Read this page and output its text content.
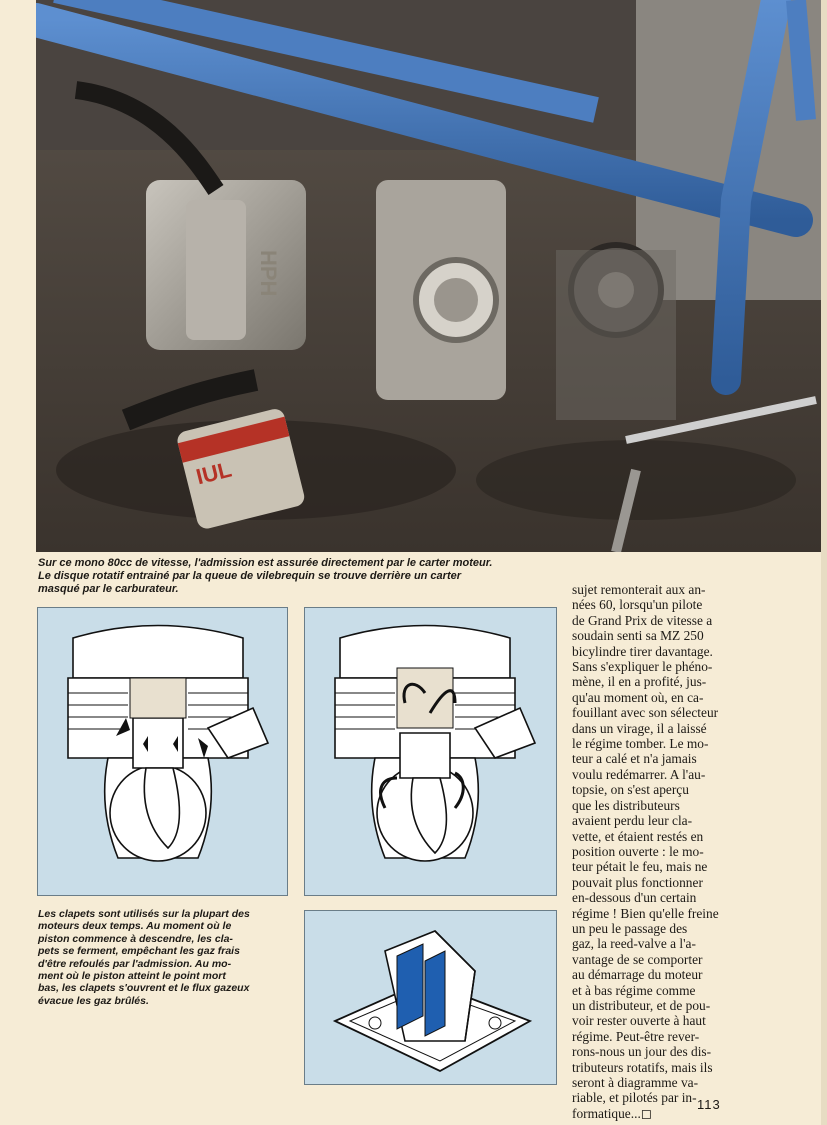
HPH
IUL
Sur ce mono 80cc de vitesse, l'admission est assurée directement par le carter moteur.
Le disque rotatif entrainé par la queue de vilebrequin se trouve derrière un carter
masqué par le carburateur.
Les clapets sont utilisés sur la plupart des
moteurs deux temps. Au moment où le
piston commence à descendre, les cla-
pets se ferment, empêchant les gaz frais
d'être refoulés par l'admission. Au mo-
ment où le piston atteint le point mort
bas, les clapets s'ouvrent et le flux gazeux
évacue les gaz brûlés.
sujet remonterait aux an-
nées 60, lorsqu'un pilote
de Grand Prix de vitesse a
soudain senti sa MZ 250
bicylindre tirer davantage.
Sans s'expliquer le phéno-
mène, il en a profité, jus-
qu'au moment où, en ca-
fouillant avec son sélecteur
dans un virage, il a laissé
le régime tomber. Le mo-
teur a calé et n'a jamais
voulu redémarrer. A l'au-
topsie, on s'est aperçu
que les distributeurs
avaient perdu leur cla-
vette, et étaient restés en
position ouverte : le mo-
teur pétait le feu, mais ne
pouvait plus fonctionner
en-dessous d'un certain
régime ! Bien qu'elle freine
un peu le passage des
gaz, la reed-valve a l'a-
vantage de se comporter
au démarrage du moteur
et à bas régime comme
un distributeur, et de pou-
voir rester ouverte à haut
régime. Peut-être rever-
rons-nous un jour des dis-
tributeurs rotatifs, mais ils
seront à diagramme va-
riable, et pilotés par in-
formatique...◻
113
